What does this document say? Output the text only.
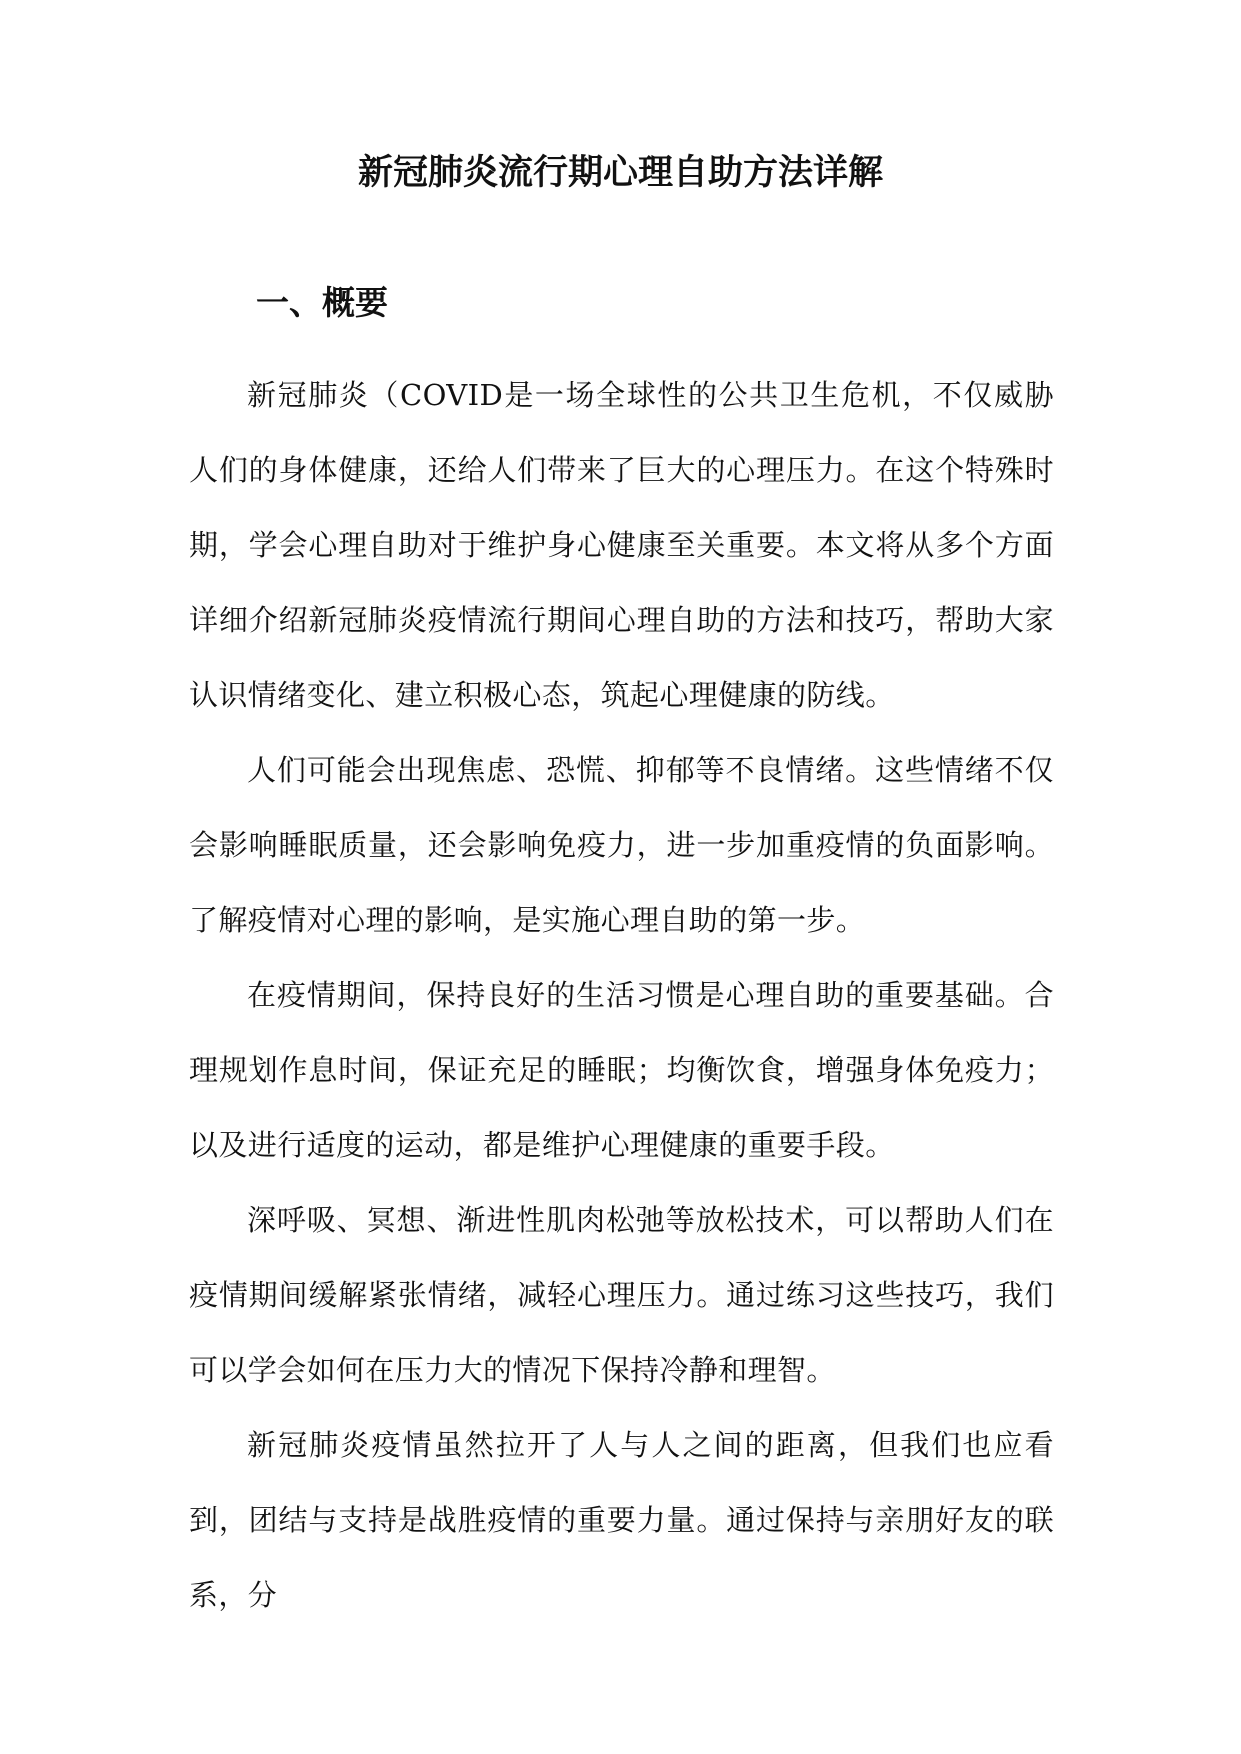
新冠肺炎流行期心理自助方法详解
一、概要

新冠肺炎（COVID是一场全球性的公共卫生危机，不仅威胁人们的身体健康，还给人们带来了巨大的心理压力。在这个特殊时期，学会心理自助对于维护身心健康至关重要。本文将从多个方面详细介绍新冠肺炎疫情流行期间心理自助的方法和技巧，帮助大家认识情绪变化、建立积极心态，筑起心理健康的防线。

人们可能会出现焦虑、恐慌、抑郁等不良情绪。这些情绪不仅会影响睡眠质量，还会影响免疫力，进一步加重疫情的负面影响。了解疫情对心理的影响，是实施心理自助的第一步。

在疫情期间，保持良好的生活习惯是心理自助的重要基础。合理规划作息时间，保证充足的睡眠；均衡饮食，增强身体免疫力；以及进行适度的运动，都是维护心理健康的重要手段。

深呼吸、冥想、渐进性肌肉松弛等放松技术，可以帮助人们在疫情期间缓解紧张情绪，减轻心理压力。通过练习这些技巧，我们可以学会如何在压力大的情况下保持冷静和理智。

新冠肺炎疫情虽然拉开了人与人之间的距离，但我们也应看到，团结与支持是战胜疫情的重要力量。通过保持与亲朋好友的联系，分
